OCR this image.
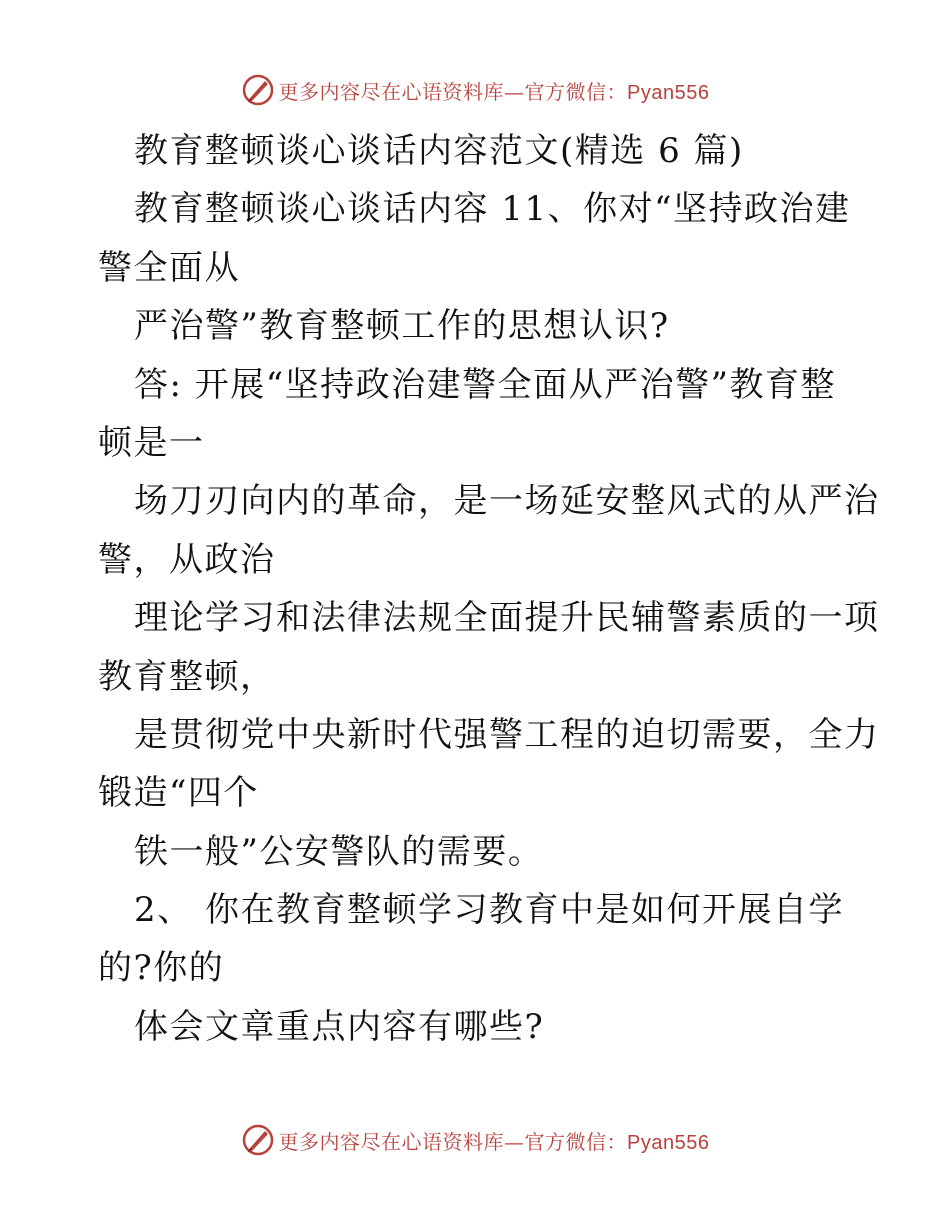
更多内容尽在心语资料库—官方微信：Pyan556
教育整顿谈心谈话内容范文(精选 6 篇)
教育整顿谈心谈话内容 11、你对“坚持政治建
警全面从
严治警”教育整顿工作的思想认识?
答: 开展“坚持政治建警全面从严治警”教育整
顿是一
场刀刃向内的革命，是一场延安整风式的从严治
警，从政治
理论学习和法律法规全面提升民辅警素质的一项
教育整顿，
是贯彻党中央新时代强警工程的迫切需要，全力
锻造“四个
铁一般”公安警队的需要。
2、 你在教育整顿学习教育中是如何开展自学
的?你的
体会文章重点内容有哪些?
更多内容尽在心语资料库—官方微信：Pyan556
